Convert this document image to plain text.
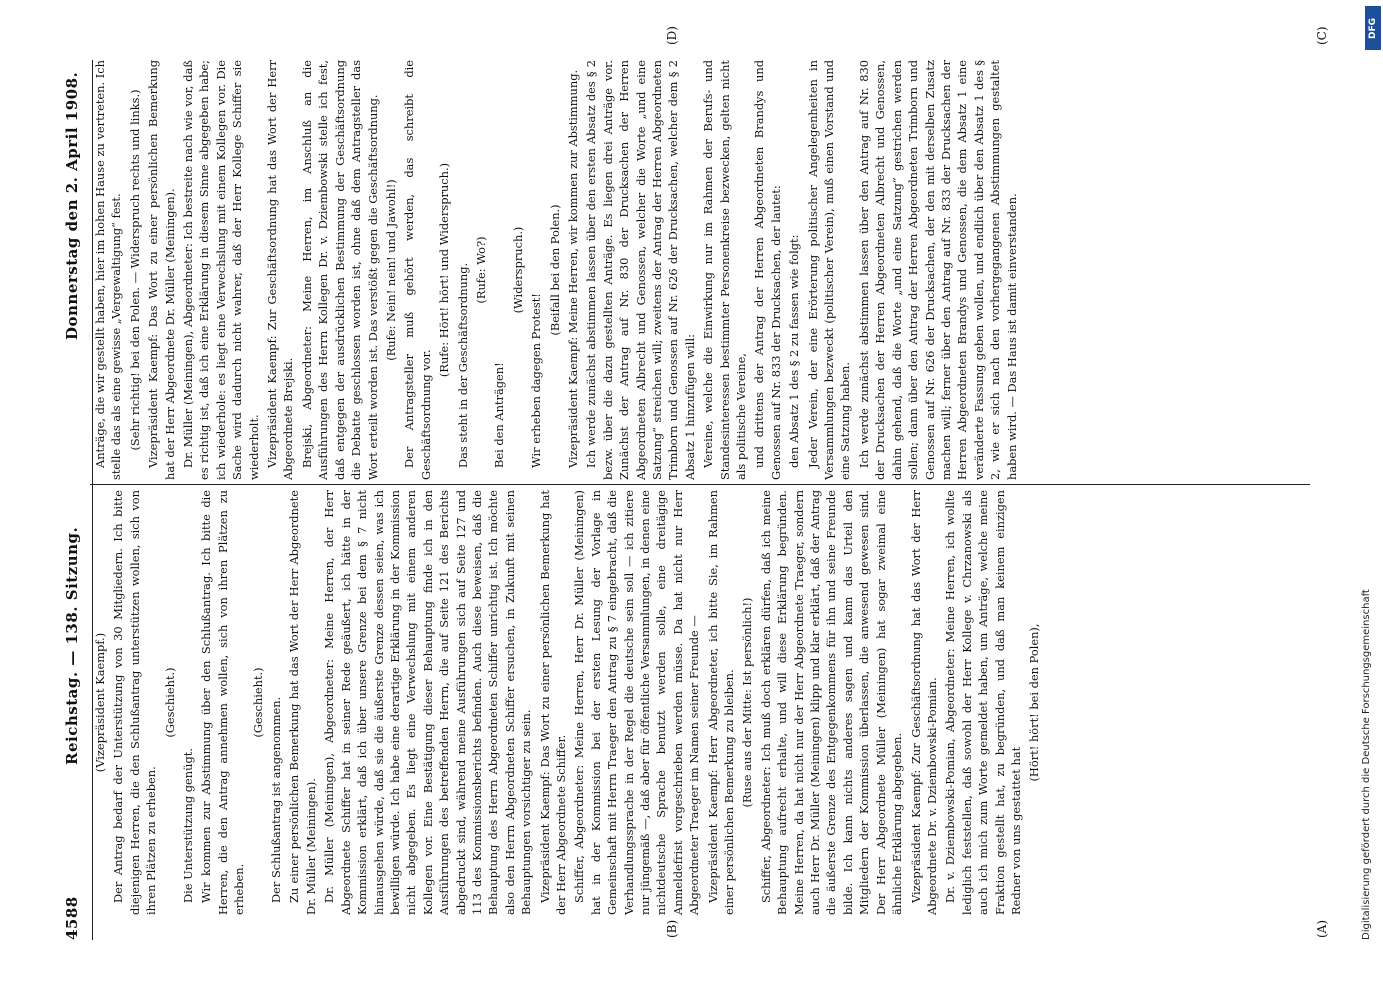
4588
Reichstag. — 138. Sitzung.
Donnerstag den 2. April 1908.
(A)
(B)
(C)
(D)

(Vizepräsident Kaempf.) Der Antrag bedarf der Unterstützung von 30 Mitgliedern. Ich bitte diejenigen Herren, die den Schlußantrag unterstützen wollen, sich von ihren Plätzen zu erheben.

(Geschieht.)

Die Unterstützung genügt. Wir kommen zur Abstimmung über den Schlußantrag. Ich bitte die Herren, die den Antrag annehmen wollen, sich von ihren Plätzen zu erheben.

(Geschieht.) Der Schlußantrag ist angenommen. Zu einer persönlichen Bemerkung hat das Wort der Herr Abgeordnete Dr. Müller (Meiningen). Dr. Müller (Meiningen), Abgeordneter: Meine Herren, der Herr Abgeordnete Schiffer hat in seiner Rede geäußert, ich hätte in der Kommission erklärt, daß ich über unsere Grenze bei dem § 7 nicht hinausgehen würde, daß sie die äußerste Grenze dessen seien, was ich bewilligen würde. Ich habe eine derartige Erklärung in der Kommission nicht abgegeben. Es liegt eine Verwechslung mit einem anderen Kollegen vor. Eine Bestätigung dieser Behauptung finde ich in den Ausführungen des betreffenden Herrn, die auf Seite 121 des Berichts abgedruckt sind, während meine Ausführungen sich auf Seite 127 und 113 des Kommissionsberichts befinden. Auch diese beweisen, daß die Behauptung des Herrn Abgeordneten Schiffer unrichtig ist. Ich möchte also den Herrn Abgeordneten Schiffer ersuchen, in Zukunft mit seinen Behauptungen vorsichtiger zu sein. Vizepräsident Kaempf: Das Wort zu einer persönlichen Bemerkung hat der Herr Abgeordnete Schiffer. Schiffer, Abgeordneter: Meine Herren, Herr Dr. Müller (Meiningen) hat in der Kommission bei der ersten Lesung der Vorlage in Gemeinschaft mit Herrn Traeger den Antrag zu § 7 eingebracht, daß die Verhandlungssprache in der Regel die deutsche sein soll — ich zitiere nur jüngemäß —, daß aber für öffentliche Versammlungen, in denen eine nichtdeutsche Sprache benutzt werden solle, eine dreitägige Anmeldefrist vorgeschrieben werden müsse. Da hat nicht nur Herr Abgeordneter Traeger im Namen seiner Freunde — Vizepräsident Kaempf: Herr Abgeordneter, ich bitte Sie, im Rahmen einer persönlichen Bemerkung zu bleiben. (Ruse aus der Mitte: Ist persönlich!) Schiffer, Abgeordneter: Ich muß doch erklären dürfen, daß ich meine Behauptung aufrecht erhalte, und will diese Erklärung begründen. Meine Herren, da hat nicht nur der Herr Abgeordnete Traeger, sondern auch Herr Dr. Müller (Meiningen) klipp und klar erklärt, daß der Antrag die äußerste Grenze des Entgegenkommens für ihn und seine Freunde bilde. Ich kann nichts anderes sagen und kann das Urteil den Mitgliedern der Kommission überlassen, die anwesend gewesen sind. Der Herr Abgeordnete Müller (Meiningen) hat sogar zweimal eine ähnliche Erklärung abgegeben. Vizepräsident Kaempf: Zur Geschäftsordnung hat das Wort der Herr Abgeordnete Dr. v. Dziembowski-Pomian. Dr. v. Dziembowski-Pomian, Abgeordneter: Meine Herren, ich wollte lediglich feststellen, daß sowohl der Herr Kollege v. Chrzanowski als auch ich mich zum Worte gemeldet haben, um Anträge, welche meine Fraktion gestellt hat, zu begründen, und daß man keinem einzigen Redner von uns gestattet hat

(Hört! hört! bei den Polen),

Anträge, die wir gestellt haben, hier im hohen Hause zu vertreten. Ich stelle das als eine gewisse „Vergewaltigung“ fest. (Sehr richtig! bei den Polen. — Widerspruch rechts und links.) Vizepräsident Kaempf: Das Wort zu einer persönlichen Bemerkung hat der Herr Abgeordnete Dr. Müller (Meiningen). Dr. Müller (Meiningen), Abgeordneter: Ich bestreite nach wie vor, daß es richtig ist, daß ich eine Erklärung in diesem Sinne abgegeben habe; ich wiederhole: es liegt eine Verwechslung mit einem Kollegen vor. Die Sache wird dadurch nicht wahrer, daß der Herr Kollege Schiffer sie wiederholt. Vizepräsident Kaempf: Zur Geschäftsordnung hat das Wort der Herr Abgeordnete Brejski. Brejski, Abgeordneter: Meine Herren, im Anschluß an die Ausführungen des Herrn Kollegen Dr. v. Dziembowski stelle ich fest, daß entgegen der ausdrücklichen Bestimmung der Geschäftsordnung die Debatte geschlossen worden ist, ohne daß dem Antragsteller das Wort erteilt worden ist. Das verstößt gegen die Geschäftsordnung. (Rufe: Nein! nein! und Jawohl!) Der Antragsteller muß gehört werden, das schreibt die Geschäftsordnung vor.

(Rufe: Hört! hört! und Widerspruch.) Das steht in der Geschäftsordnung. (Rufe: Wo?)

Bei den Anträgen!

(Widerspruch.)

Wir erheben dagegen Protest!

(Beifall bei den Polen.) Vizepräsident Kaempf: Meine Herren, wir kommen zur Abstimmung. Ich werde zunächst abstimmen lassen über den ersten Absatz des § 2 bezw. über die dazu gestellten Anträge. Es liegen drei Anträge vor. Zunächst der Antrag auf Nr. 830 der Drucksachen der Herren Abgeordneten Albrecht und Genossen, welcher die Worte „und eine Satzung“ streichen will; zweitens der Antrag der Herren Abgeordneten Trimborn und Genossen auf Nr. 626 der Drucksachen, welcher dem § 2 Absatz 1 hinzufügen will: Vereine, welche die Einwirkung nur im Rahmen der Berufs- und Standesinteressen bestimmter Personenkreise bezwecken, gelten nicht als politische Vereine, und drittens der Antrag der Herren Abgeordneten Brandys und Genossen auf Nr. 833 der Drucksachen, der lautet: den Absatz 1 des § 2 zu fassen wie folgt: Jeder Verein, der eine Erörterung politischer Angelegenheiten in Versammlungen bezweckt (politischer Verein), muß einen Vorstand und eine Satzung haben. Ich werde zunächst abstimmen lassen über den Antrag auf Nr. 830 der Drucksachen der Herren Abgeordneten Albrecht und Genossen, dahin gehend, daß die Worte „und eine Satzung“ gestrichen werden sollen; dann über den Antrag der Herren Abgeordneten Trimborn und Genossen auf Nr. 626 der Drucksachen, der den mit derselben Zusatz machen will; ferner über den Antrag auf Nr. 833 der Drucksachen der Herren Abgeordneten Brandys und Genossen, die dem Absatz 1 eine veränderte Fassung geben wollen, und endlich über den Absatz 1 des § 2, wie er sich nach den vorhergegangenen Abstimmungen gestaltet haben wird. — Das Haus ist damit einverstanden.

DFG
Digitalisierung gefördert durch die Deutsche Forschungsgemeinschaft
